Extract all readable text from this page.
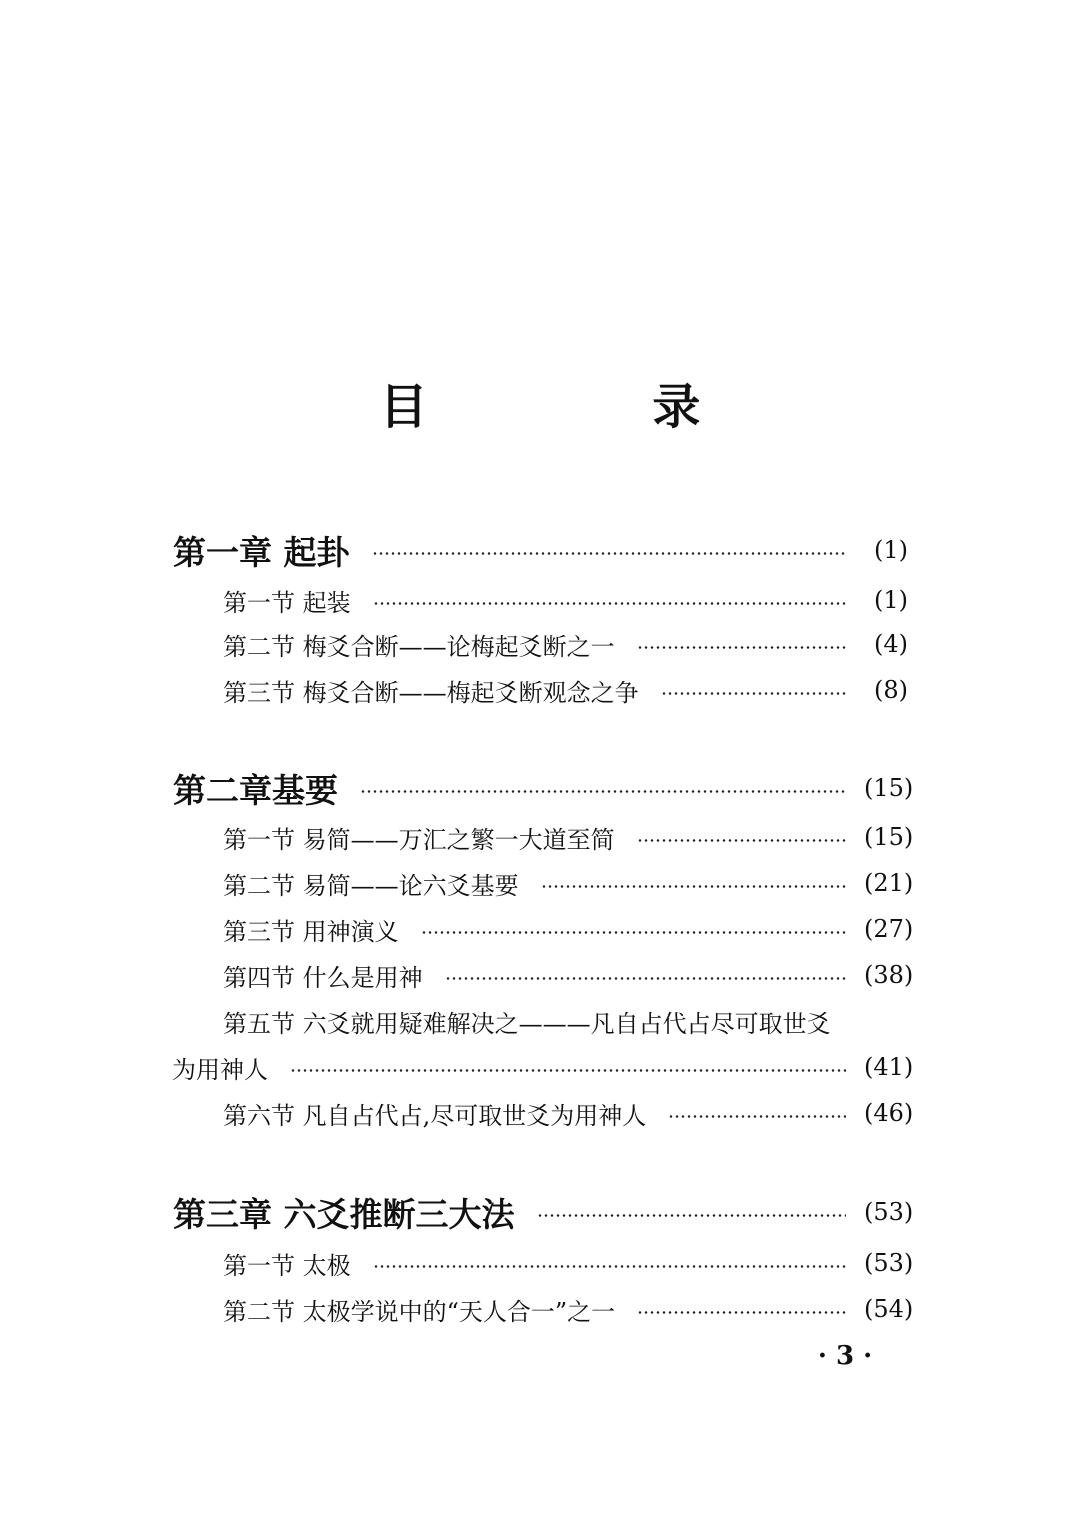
目 录
第一章 起卦	(1)
第一节 起装	(1)
第二节 梅爻合断——论梅起爻断之一	(4)
第三节 梅爻合断——梅起爻断观念之争	(8)
第二章基要	(15)
第一节 易简——万汇之繁一大道至简	(15)
第二节 易简——论六爻基要	(21)
第三节 用神演义	(27)
第四节 什么是用神	(38)
第五节 六爻就用疑难解决之———凡自占代占尽可取世爻
为用神人	(41)
第六节 凡自占代占,尽可取世爻为用神人	(46)
第三章 六爻推断三大法	(53)
第一节 太极	(53)
第二节 太极学说中的“天人合一”之一	(54)
· 3 ·
